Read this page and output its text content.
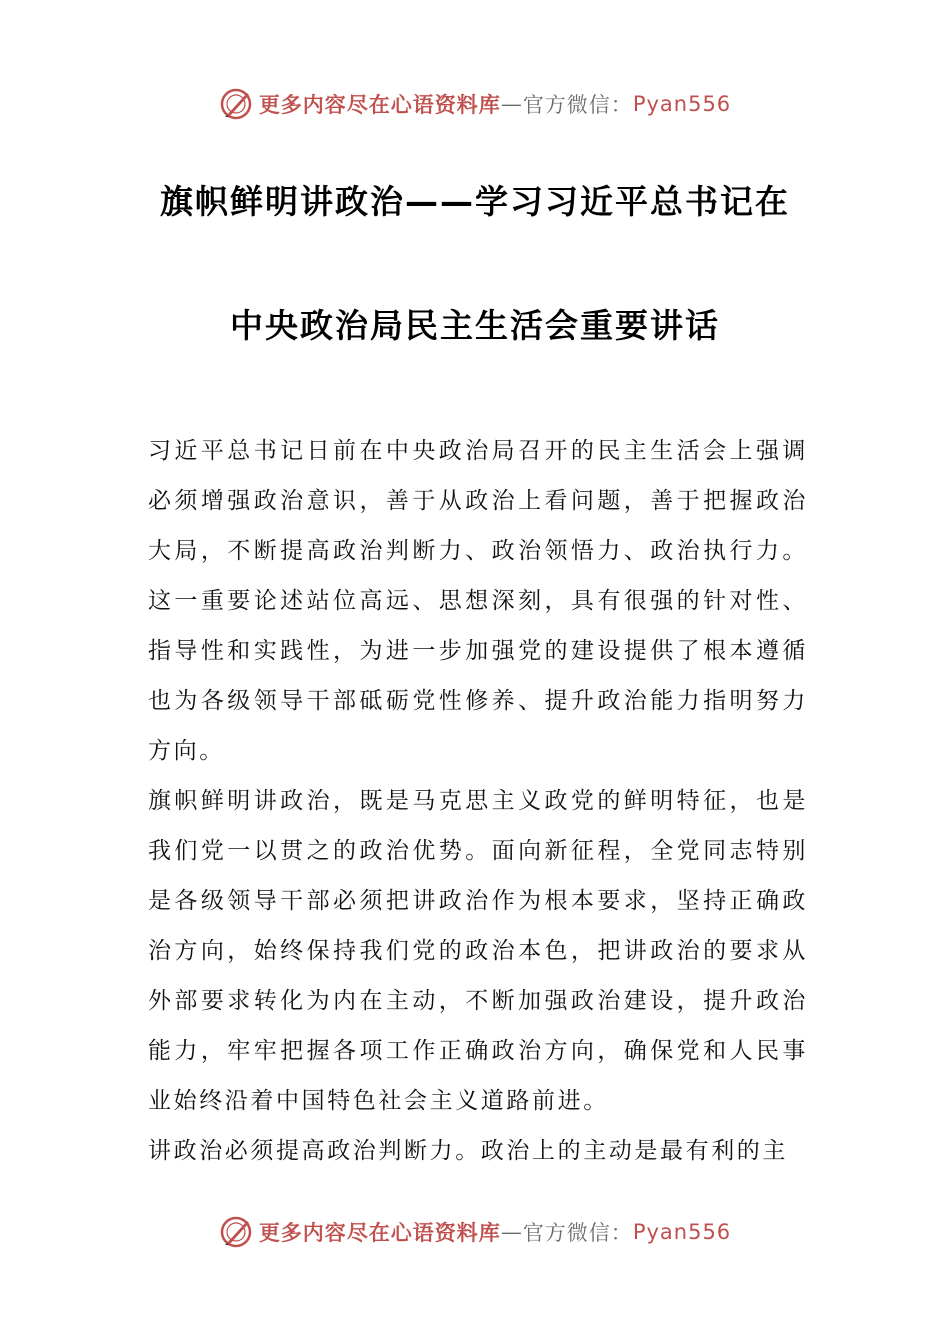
更多内容尽在心语资料库 — 官方微信： Pyan556
旗帜鲜明讲政治——学习习近平总书记在
中央政治局民主生活会重要讲话

习近平总书记日前在中央政治局召开的民主生活会上强调必须增强政治意识，善于从政治上看问题，善于把握政治大局，不断提高政治判断力、政治领悟力、政治执行力。这一重要论述站位高远、思想深刻，具有很强的针对性、指导性和实践性，为进一步加强党的建设提供了根本遵循也为各级领导干部砥砺党性修养、提升政治能力指明努力方向。

旗帜鲜明讲政治，既是马克思主义政党的鲜明特征，也是我们党一以贯之的政治优势。面向新征程，全党同志特别是各级领导干部必须把讲政治作为根本要求，坚持正确政治方向，始终保持我们党的政治本色，把讲政治的要求从外部要求转化为内在主动，不断加强政治建设，提升政治能力，牢牢把握各项工作正确政治方向，确保党和人民事业始终沿着中国特色社会主义道路前进。

讲政治必须提高政治判断力。政治上的主动是最有利的主

更多内容尽在心语资料库 — 官方微信： Pyan556
